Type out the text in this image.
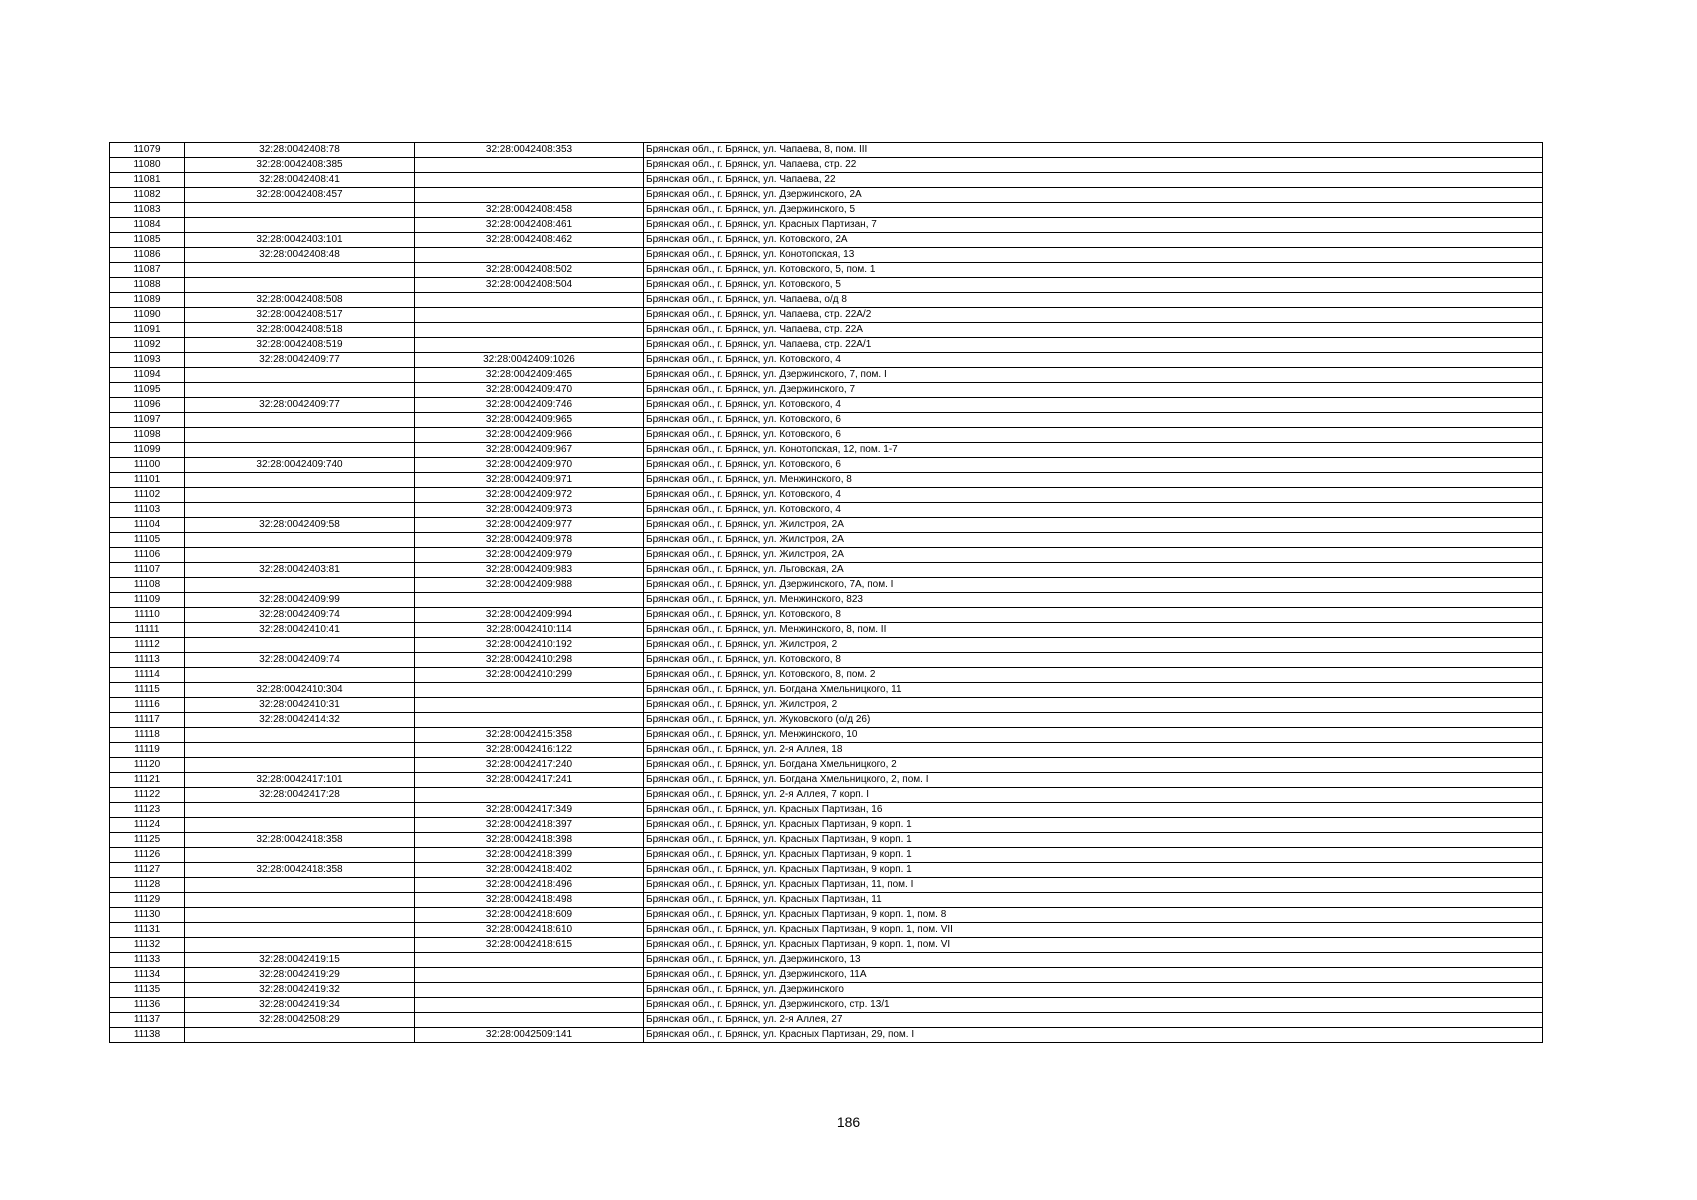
11079	32:28:0042408:78	32:28:0042408:353	Брянская обл., г. Брянск, ул. Чапаева, 8, пом. III
11080	32:28:0042408:385		Брянская обл., г. Брянск, ул. Чапаева, стр. 22
11081	32:28:0042408:41		Брянская обл., г. Брянск, ул. Чапаева, 22
11082	32:28:0042408:457		Брянская обл., г. Брянск, ул. Дзержинского, 2А
11083		32:28:0042408:458	Брянская обл., г. Брянск, ул. Дзержинского, 5
11084		32:28:0042408:461	Брянская обл., г. Брянск, ул. Красных Партизан, 7
11085	32:28:0042403:101	32:28:0042408:462	Брянская обл., г. Брянск, ул. Котовского, 2А
11086	32:28:0042408:48		Брянская обл., г. Брянск, ул. Конотопская, 13
11087		32:28:0042408:502	Брянская обл., г. Брянск, ул. Котовского, 5, пом. 1
11088		32:28:0042408:504	Брянская обл., г. Брянск, ул. Котовского, 5
11089	32:28:0042408:508		Брянская обл., г. Брянск, ул. Чапаева, о/д 8
11090	32:28:0042408:517		Брянская обл., г. Брянск, ул. Чапаева, стр. 22А/2
11091	32:28:0042408:518		Брянская обл., г. Брянск, ул. Чапаева, стр. 22А
11092	32:28:0042408:519		Брянская обл., г. Брянск, ул. Чапаева, стр. 22А/1
11093	32:28:0042409:77	32:28:0042409:1026	Брянская обл., г. Брянск, ул. Котовского, 4
11094		32:28:0042409:465	Брянская обл., г. Брянск, ул. Дзержинского, 7, пом. I
11095		32:28:0042409:470	Брянская обл., г. Брянск, ул. Дзержинского, 7
11096	32:28:0042409:77	32:28:0042409:746	Брянская обл., г. Брянск, ул. Котовского, 4
11097		32:28:0042409:965	Брянская обл., г. Брянск, ул. Котовского, 6
11098		32:28:0042409:966	Брянская обл., г. Брянск, ул. Котовского, 6
11099		32:28:0042409:967	Брянская обл., г. Брянск, ул. Конотопская, 12, пом. 1-7
11100	32:28:0042409:740	32:28:0042409:970	Брянская обл., г. Брянск, ул. Котовского, 6
11101		32:28:0042409:971	Брянская обл., г. Брянск, ул. Менжинского, 8
11102		32:28:0042409:972	Брянская обл., г. Брянск, ул. Котовского, 4
11103		32:28:0042409:973	Брянская обл., г. Брянск, ул. Котовского, 4
11104	32:28:0042409:58	32:28:0042409:977	Брянская обл., г. Брянск, ул. Жилстроя, 2А
11105		32:28:0042409:978	Брянская обл., г. Брянск, ул. Жилстроя, 2А
11106		32:28:0042409:979	Брянская обл., г. Брянск, ул. Жилстроя, 2А
11107	32:28:0042403:81	32:28:0042409:983	Брянская обл., г. Брянск, ул. Льговская, 2А
11108		32:28:0042409:988	Брянская обл., г. Брянск, ул. Дзержинского, 7А, пом. I
11109	32:28:0042409:99		Брянская обл., г. Брянск, ул. Менжинского, 823
11110	32:28:0042409:74	32:28:0042409:994	Брянская обл., г. Брянск, ул. Котовского, 8
11111	32:28:0042410:41	32:28:0042410:114	Брянская обл., г. Брянск, ул. Менжинского, 8, пом. II
11112		32:28:0042410:192	Брянская обл., г. Брянск, ул. Жилстроя, 2
11113	32:28:0042409:74	32:28:0042410:298	Брянская обл., г. Брянск, ул. Котовского, 8
11114		32:28:0042410:299	Брянская обл., г. Брянск, ул. Котовского, 8, пом. 2
11115	32:28:0042410:304		Брянская обл., г. Брянск, ул. Богдана Хмельницкого, 11
11116	32:28:0042410:31		Брянская обл., г. Брянск, ул. Жилстроя, 2
11117	32:28:0042414:32		Брянская обл., г. Брянск, ул. Жуковского (о/д 26)
11118		32:28:0042415:358	Брянская обл., г. Брянск, ул. Менжинского, 10
11119		32:28:0042416:122	Брянская обл., г. Брянск, ул. 2-я Аллея, 18
11120		32:28:0042417:240	Брянская обл., г. Брянск, ул. Богдана Хмельницкого, 2
11121	32:28:0042417:101	32:28:0042417:241	Брянская обл., г. Брянск, ул. Богдана Хмельницкого, 2, пом. I
11122	32:28:0042417:28		Брянская обл., г. Брянск, ул. 2-я Аллея, 7 корп. I
11123		32:28:0042417:349	Брянская обл., г. Брянск, ул. Красных Партизан, 16
11124		32:28:0042418:397	Брянская обл., г. Брянск, ул. Красных Партизан, 9 корп. 1
11125	32:28:0042418:358	32:28:0042418:398	Брянская обл., г. Брянск, ул. Красных Партизан, 9 корп. 1
11126		32:28:0042418:399	Брянская обл., г. Брянск, ул. Красных Партизан, 9 корп. 1
11127	32:28:0042418:358	32:28:0042418:402	Брянская обл., г. Брянск, ул. Красных Партизан, 9 корп. 1
11128		32:28:0042418:496	Брянская обл., г. Брянск, ул. Красных Партизан, 11, пом. I
11129		32:28:0042418:498	Брянская обл., г. Брянск, ул. Красных Партизан, 11
11130		32:28:0042418:609	Брянская обл., г. Брянск, ул. Красных Партизан, 9 корп. 1, пом. 8
11131		32:28:0042418:610	Брянская обл., г. Брянск, ул. Красных Партизан, 9 корп. 1, пом. VII
11132		32:28:0042418:615	Брянская обл., г. Брянск, ул. Красных Партизан, 9 корп. 1, пом. VI
11133	32:28:0042419:15		Брянская обл., г. Брянск, ул. Дзержинского, 13
11134	32:28:0042419:29		Брянская обл., г. Брянск, ул. Дзержинского, 11А
11135	32:28:0042419:32		Брянская обл., г. Брянск, ул. Дзержинского
11136	32:28:0042419:34		Брянская обл., г. Брянск, ул. Дзержинского, стр. 13/1
11137	32:28:0042508:29		Брянская обл., г. Брянск, ул. 2-я Аллея, 27
11138		32:28:0042509:141	Брянская обл., г. Брянск, ул. Красных Партизан, 29, пом. I
186
